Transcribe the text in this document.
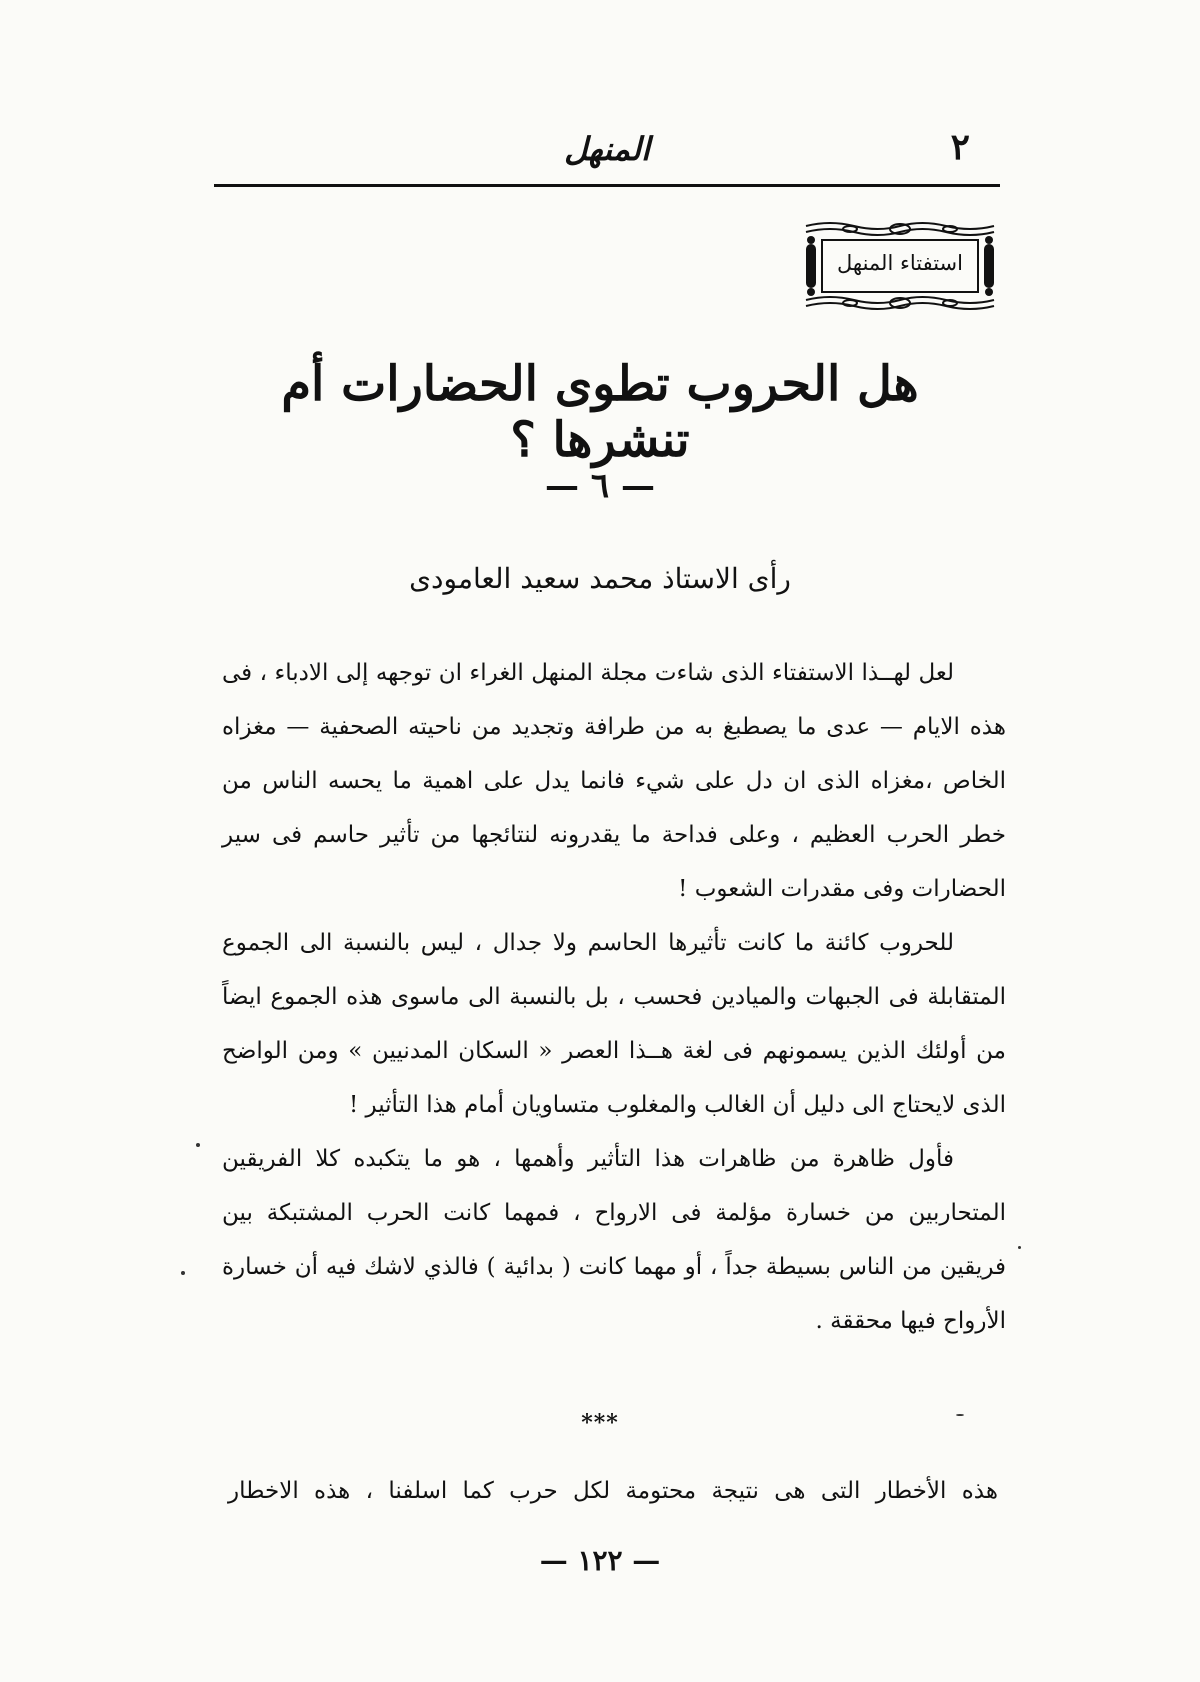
٢
المنهل
استفتاء المنهل
هل الحروب تطوى الحضارات أم تنشرها ؟
— ٦ —
رأى الاستاذ محمد سعيد العامودى

لعل لهــذا الاستفتاء الذى شاءت مجلة المنهل الغراء ان توجهه إلى الادباء ، فى هذه الايام — عدى ما يصطبغ به من طرافة وتجديد من ناحيته الصحفية — مغزاه الخاص ،مغزاه الذى ان دل على شيء فانما يدل على اهمية ما يحسه الناس من خطر الحرب العظيم ، وعلى فداحة ما يقدرونه لنتائجها من تأثير حاسم فى سير الحضارات وفى مقدرات الشعوب !

للحروب كائنة ما كانت تأثيرها الحاسم ولا جدال ، ليس بالنسبة الى الجموع المتقابلة فى الجبهات والميادين فحسب ، بل بالنسبة الى ماسوى هذه الجموع ايضاً من أولئك الذين يسمونهم فى لغة هــذا العصر « السكان المدنيين » ومن الواضح الذى لايحتاج الى دليل أن الغالب والمغلوب متساويان أمام هذا التأثير !

فأول ظاهرة من ظاهرات هذا التأثير وأهمها ، هو ما يتكبده كلا الفريقين المتحاربين من خسارة مؤلمة فى الارواح ، فمهما كانت الحرب المشتبكة بين فريقين من الناس بسيطة جداً ، أو مهما كانت ( بدائية ) فالذي لاشك فيه أن خسارة الأرواح فيها محققة .

***
هذه الأخطار التى هى نتيجة محتومة لكل حرب كما اسلفنا ، هذه الاخطار
— ١٢٢ —
